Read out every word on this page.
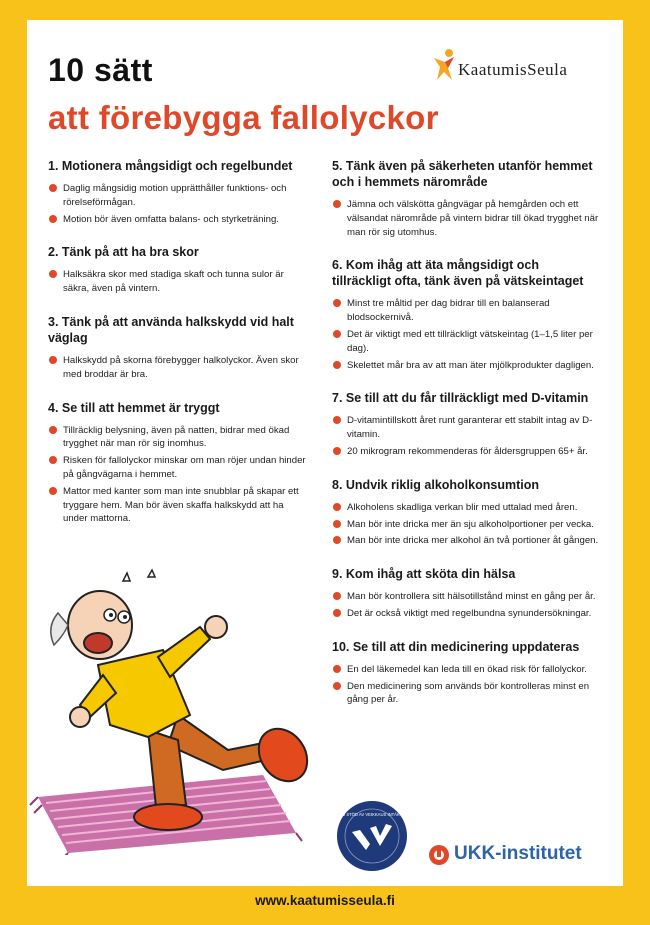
10 sätt
att förebygga fallolyckor
KaatumisSeula
1. Motionera mångsidigt och regelbundet
Daglig mångsidig motion upprätthåller funktions- och rörelseförmågan.
Motion bör även omfatta balans- och styrketräning.
2. Tänk på att ha bra skor
Halksäkra skor med stadiga skaft och tunna sulor är säkra, även på vintern.
3. Tänk på att använda halkskydd vid halt väglag
Halkskydd på skorna förebygger halkolyckor. Även skor med broddar är bra.
4. Se till att hemmet är tryggt
Tillräcklig belysning, även på natten, bidrar med ökad trygghet när man rör sig inomhus.
Risken för fallolyckor minskar om man röjer undan hinder på gångvägarna i hemmet.
Mattor med kanter som man inte snubblar på skapar ett tryggare hem. Man bör även skaffa halkskydd att ha under mattorna.
5. Tänk även på säkerheten utanför hemmet och i hemmets närområde
Jämna och välskötta gångvägar på hemgården och ett välsandat närområde på vintern bidrar till ökad trygghet när man rör sig utomhus.
6. Kom ihåg att äta mångsidigt och tillräckligt ofta, tänk även på vätskeintaget
Minst tre måltid per dag bidrar till en balanserad blodsockernivå.
Det är viktigt med ett tillräckligt vätskeintag (1–1,5 liter per dag).
Skelettet mår bra av att man äter mjölkprodukter dagligen.
7. Se till att du får tillräckligt med D-vitamin
D-vitamintillskott året runt garanterar ett stabilt intag av D-vitamin.
20 mikrogram rekommenderas för åldersgruppen 65+ år.
8. Undvik riklig alkoholkonsumtion
Alkoholens skadliga verkan blir med uttalad med åren.
Man bör inte dricka mer än sju alkoholportioner per vecka.
Man bör inte dricka mer alkohol än två portioner åt gången.
9. Kom ihåg att sköta din hälsa
Man bör kontrollera sitt hälsotillstånd minst en gång per år.
Det är också viktigt med regelbundna synundersökningar.
10. Se till att din medicinering uppdateras
En del läkemedel kan leda till en ökad risk för fallolyckor.
Den medicinering som används bör kontrolleras minst en gång per år.
MED STÖD AV VEIKKAUS INTÄKTER
UKK-institutet
www.kaatumisseula.fi
